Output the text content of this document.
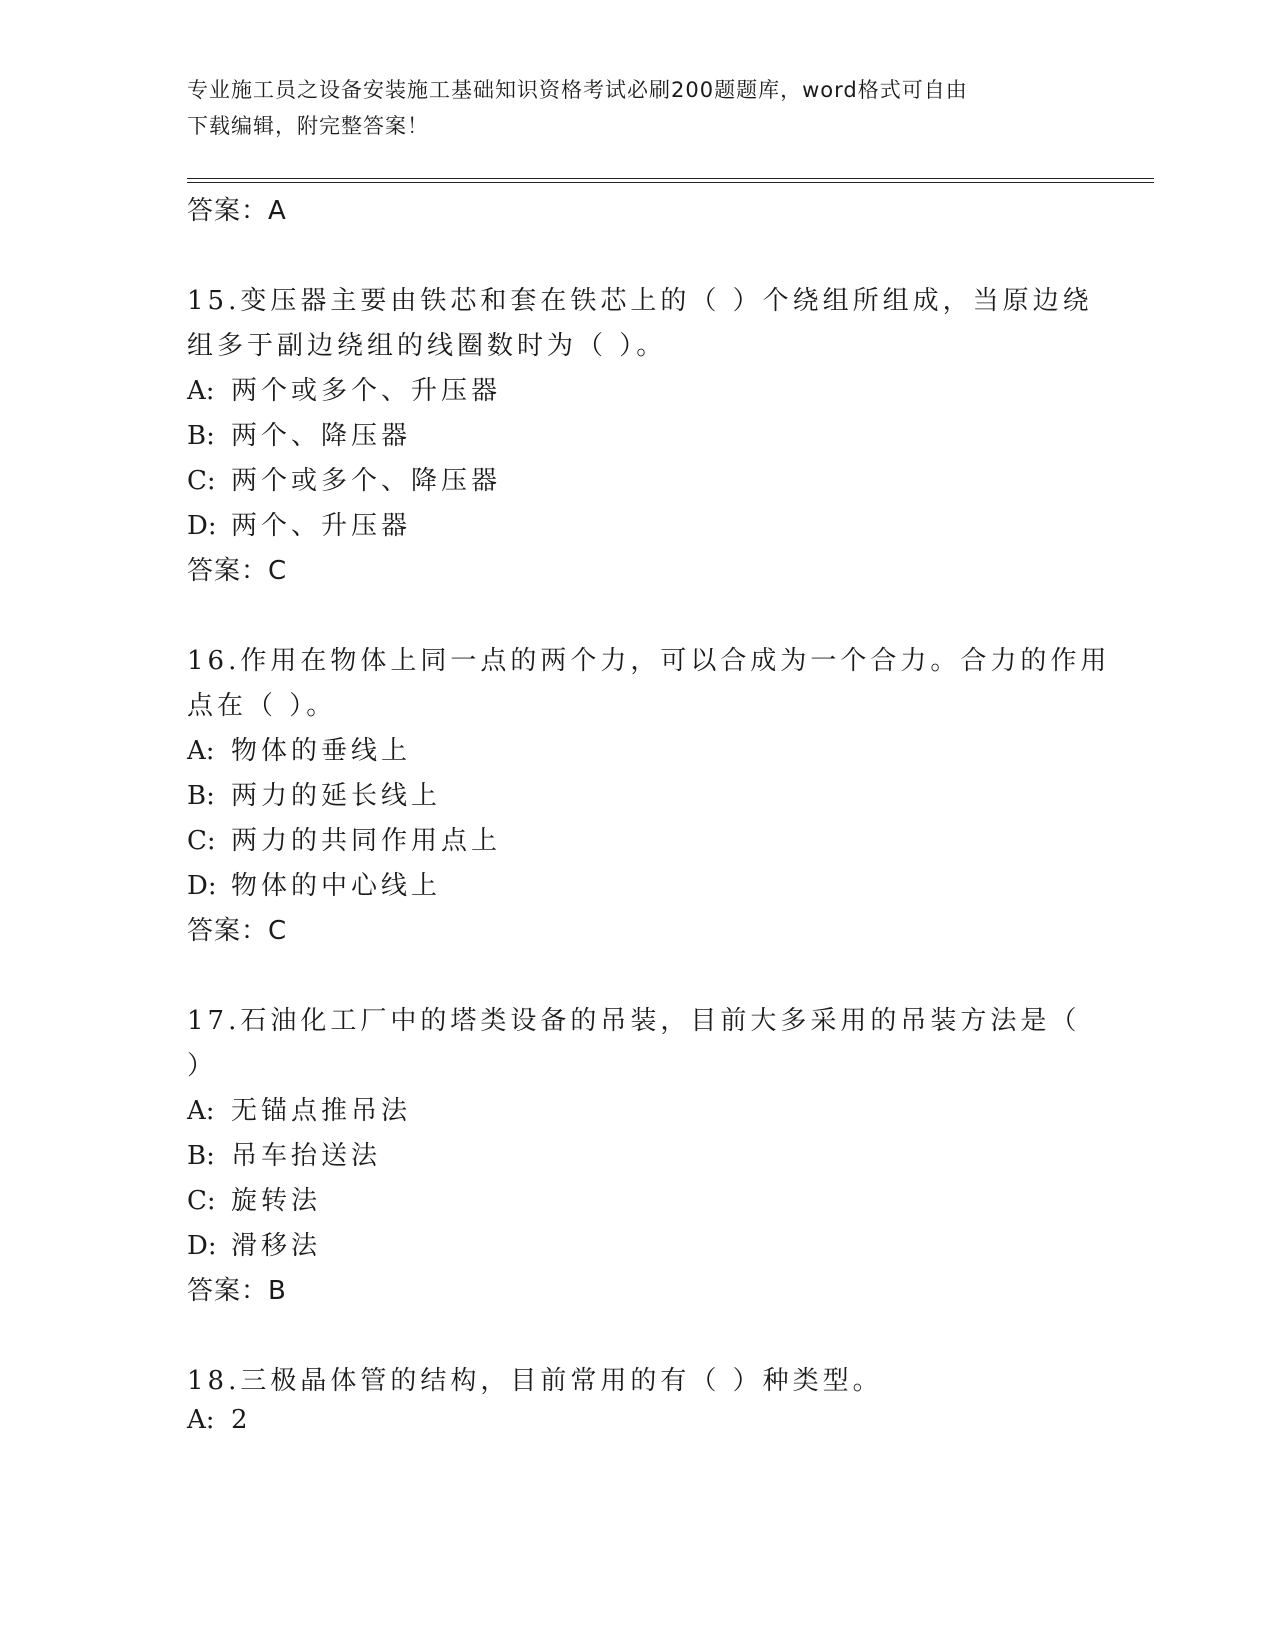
专业施工员之设备安装施工基础知识资格考试必刷200题题库，word格式可自由
下载编辑，附完整答案！
答案：A
15.变压器主要由铁芯和套在铁芯上的（ ）个绕组所组成，当原边绕
组多于副边绕组的线圈数时为（ ）。
A: 两个或多个、升压器
B: 两个、降压器
C: 两个或多个、降压器
D: 两个、升压器
答案：C
16.作用在物体上同一点的两个力，可以合成为一个合力。合力的作用
点在（ ）。
A: 物体的垂线上
B: 两力的延长线上
C: 两力的共同作用点上
D: 物体的中心线上
答案：C
17.石油化工厂中的塔类设备的吊装，目前大多采用的吊装方法是（
）
A: 无锚点推吊法
B: 吊车抬送法
C: 旋转法
D: 滑移法
答案：B
18.三极晶体管的结构，目前常用的有（ ）种类型。
A: 2
